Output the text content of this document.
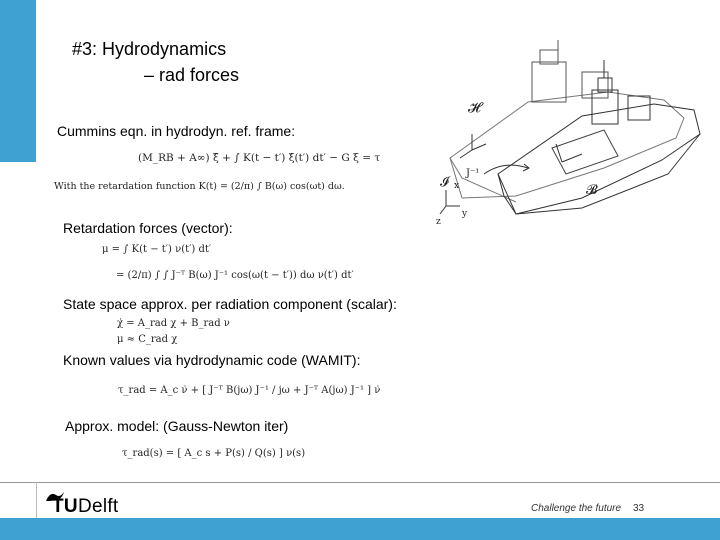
#3: Hydrodynamics
– rad forces
Cummins eqn. in hydrodyn. ref. frame:
(M_RB + A∞) ξ̈ + ∫ K(t − t′) ξ̇(t′) dt′ − G ξ = τ
With the retardation function K(t) = (2/π) ∫ B(ω) cos(ωt) dω.
Retardation forces (vector):
μ = ∫ K(t − t′) ν(t′) dt′
= (2/π) ∫ ∫ J⁻ᵀ B(ω) J⁻¹ cos(ω(t − t′)) dω ν(t′) dt′
State space approx. per radiation component (scalar):
χ̇ = A_rad χ + B_rad ν
μ ≈ C_rad χ
Known values via hydrodynamic code (WAMIT):
τ_rad = A_c ν̇ + [ J⁻ᵀ B(jω) J⁻¹ / jω + J⁻ᵀ A(jω) J⁻¹ ] ν̇
Approx. model: (Gauss-Newton iter)
τ_rad(s) = [ A_c s + P(s) / Q(s) ] ν(s)
𝓗
𝓘
𝓑
J⁻¹
x
y
z
TUDelft	Challenge the future 33
